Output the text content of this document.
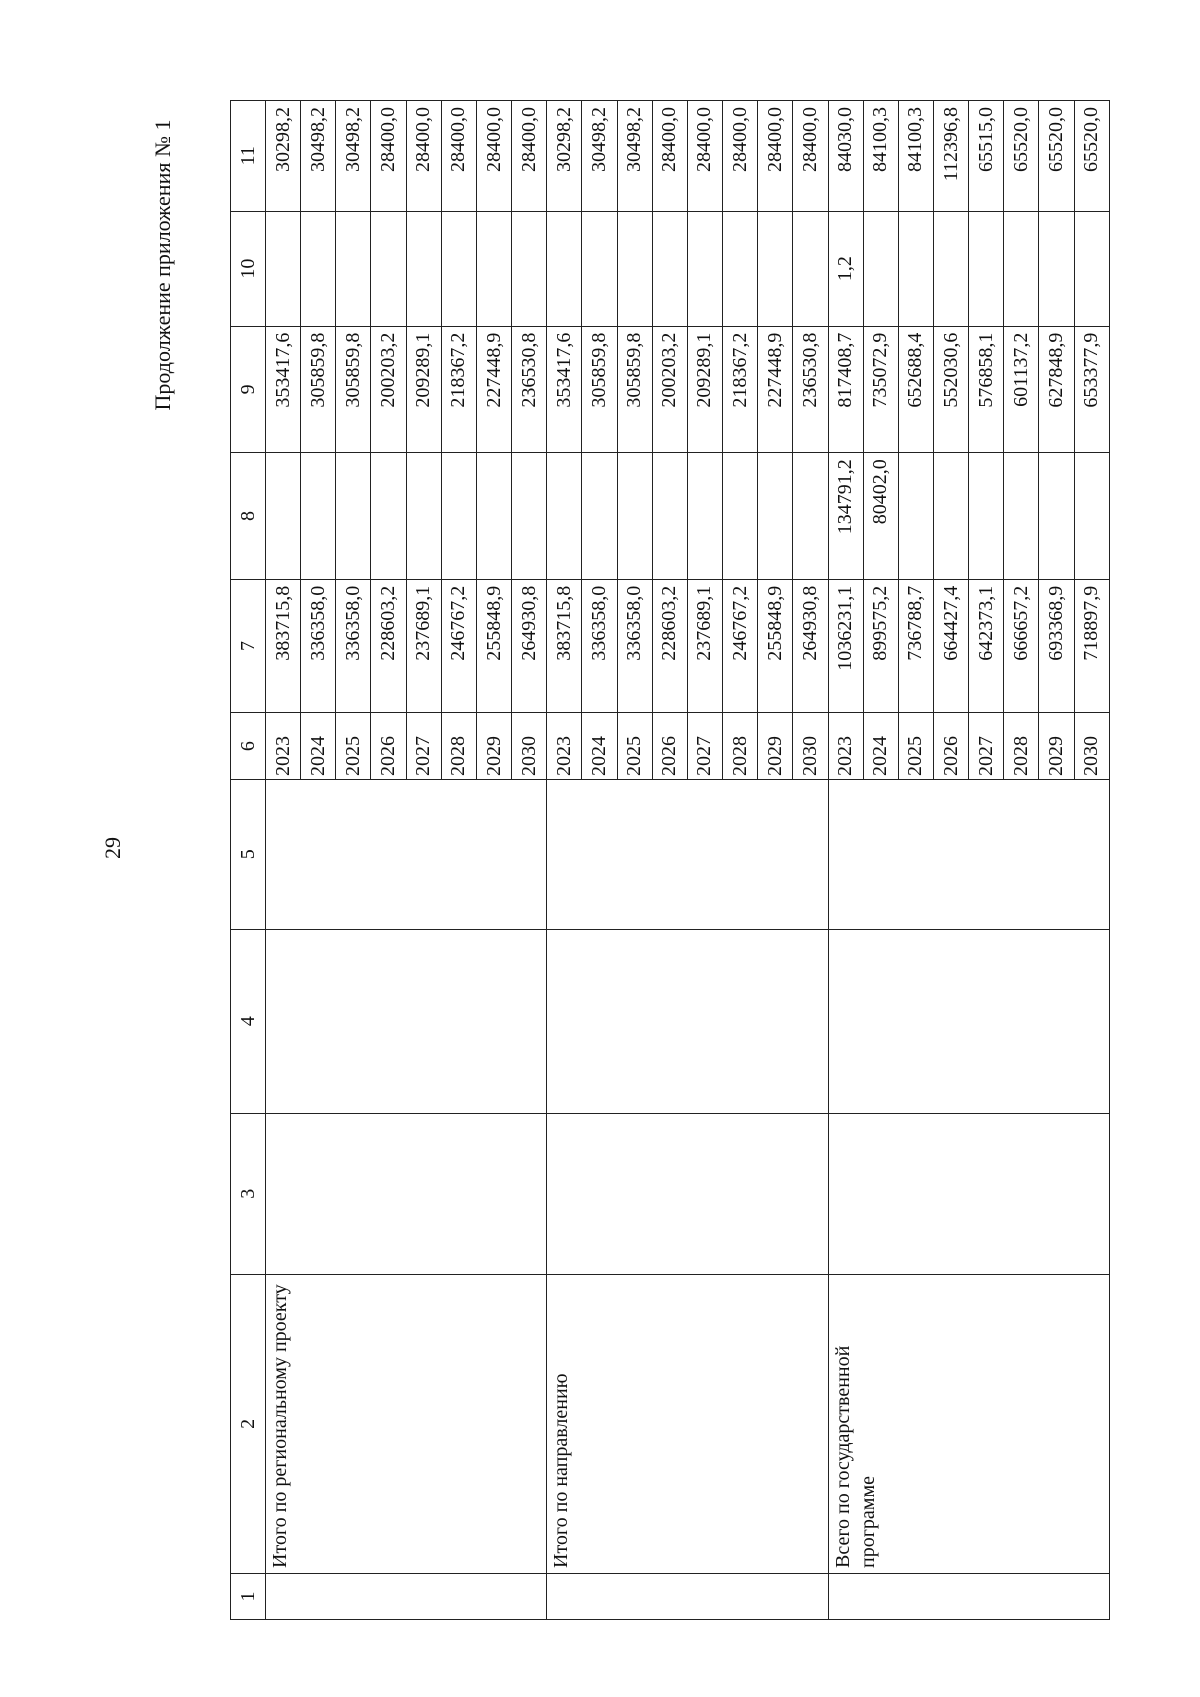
29
Продолжение приложения № 1
1	2	3	4	5	6	7	8	9	10	11
	Итого по региональному проекту				2023	383715,8		353417,6		30298,2
					2024	336358,0		305859,8		30498,2
					2025	336358,0		305859,8		30498,2
					2026	228603,2		200203,2		28400,0
					2027	237689,1		209289,1		28400,0
					2028	246767,2		218367,2		28400,0
					2029	255848,9		227448,9		28400,0
					2030	264930,8		236530,8		28400,0
	Итого по направлению				2023	383715,8		353417,6		30298,2
					2024	336358,0		305859,8		30498,2
					2025	336358,0		305859,8		30498,2
					2026	228603,2		200203,2		28400,0
					2027	237689,1		209289,1		28400,0
					2028	246767,2		218367,2		28400,0
					2029	255848,9		227448,9		28400,0
					2030	264930,8		236530,8		28400,0
	Всего по государственной программе				2023	1036231,1	134791,2	817408,7	1,2	84030,0
					2024	899575,2	80402,0	735072,9		84100,3
					2025	736788,7		652688,4		84100,3
					2026	664427,4		552030,6		112396,8
					2027	642373,1		576858,1		65515,0
					2028	666657,2		601137,2		65520,0
					2029	693368,9		627848,9		65520,0
					2030	718897,9		653377,9		65520,0
